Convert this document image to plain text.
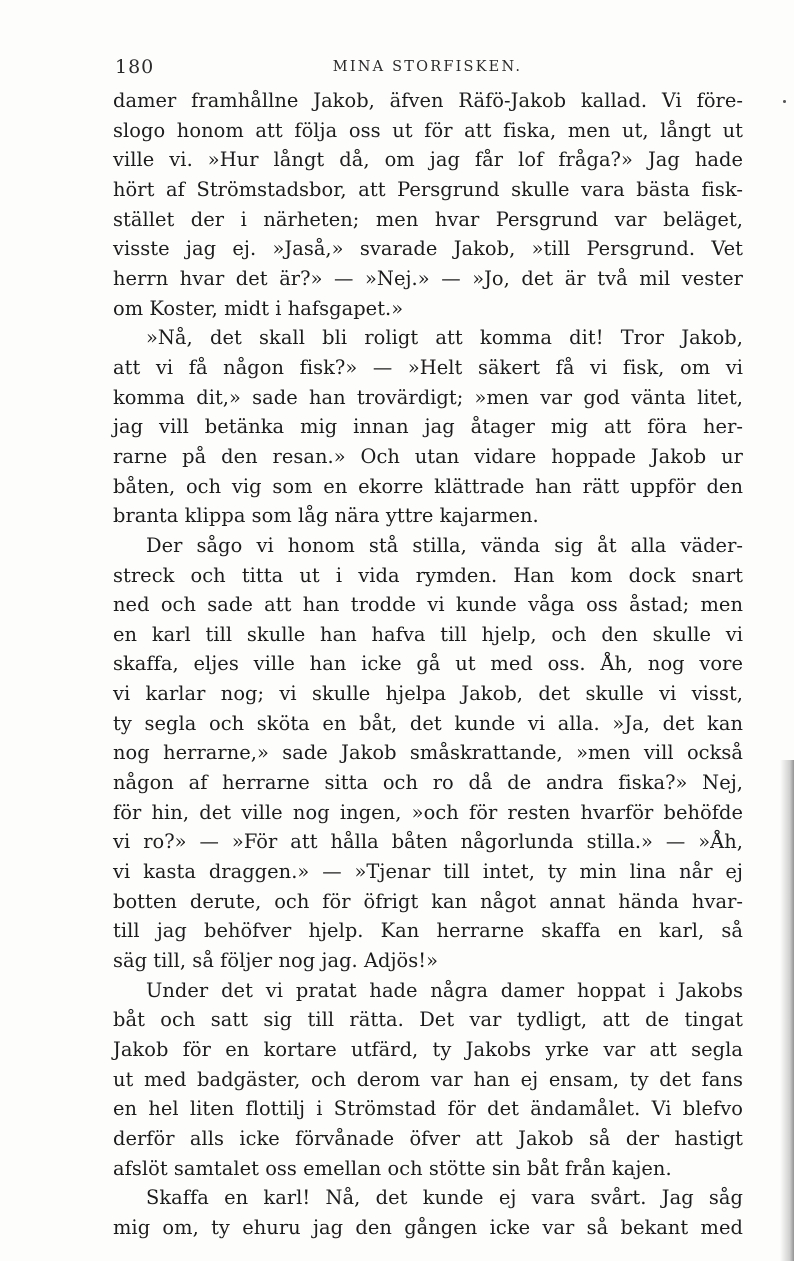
180	MINA STORFISKEN.
damer framhållne Jakob, äfven Räfö-Jakob kallad. Vi före-
slogo honom att följa oss ut för att fiska, men ut, långt ut
ville vi. »Hur långt då, om jag får lof fråga?» Jag hade
hört af Strömstadsbor, att Persgrund skulle vara bästa fisk-
stället der i närheten; men hvar Persgrund var beläget,
visste jag ej. »Jaså,» svarade Jakob, »till Persgrund. Vet
herrn hvar det är?» — »Nej.» — »Jo, det är två mil vester
om Koster, midt i hafsgapet.»
»Nå, det skall bli roligt att komma dit! Tror Jakob,
att vi få någon fisk?» — »Helt säkert få vi fisk, om vi
komma dit,» sade han trovärdigt; »men var god vänta litet,
jag vill betänka mig innan jag åtager mig att föra her-
rarne på den resan.» Och utan vidare hoppade Jakob ur
båten, och vig som en ekorre klättrade han rätt uppför den
branta klippa som låg nära yttre kajarmen.
Der sågo vi honom stå stilla, vända sig åt alla väder-
streck och titta ut i vida rymden. Han kom dock snart
ned och sade att han trodde vi kunde våga oss åstad; men
en karl till skulle han hafva till hjelp, och den skulle vi
skaffa, eljes ville han icke gå ut med oss. Åh, nog vore
vi karlar nog; vi skulle hjelpa Jakob, det skulle vi visst,
ty segla och sköta en båt, det kunde vi alla. »Ja, det kan
nog herrarne,» sade Jakob småskrattande, »men vill också
någon af herrarne sitta och ro då de andra fiska?» Nej,
för hin, det ville nog ingen, »och för resten hvarför behöfde
vi ro?» — »För att hålla båten någorlunda stilla.» — »Åh,
vi kasta draggen.» — »Tjenar till intet, ty min lina når ej
botten derute, och för öfrigt kan något annat hända hvar-
till jag behöfver hjelp. Kan herrarne skaffa en karl, så
säg till, så följer nog jag. Adjös!»
Under det vi pratat hade några damer hoppat i Jakobs
båt och satt sig till rätta. Det var tydligt, att de tingat
Jakob för en kortare utfärd, ty Jakobs yrke var att segla
ut med badgäster, och derom var han ej ensam, ty det fans
en hel liten flottilj i Strömstad för det ändamålet. Vi blefvo
derför alls icke förvånade öfver att Jakob så der hastigt
afslöt samtalet oss emellan och stötte sin båt från kajen.
Skaffa en karl! Nå, det kunde ej vara svårt. Jag såg
mig om, ty ehuru jag den gången icke var så bekant med
